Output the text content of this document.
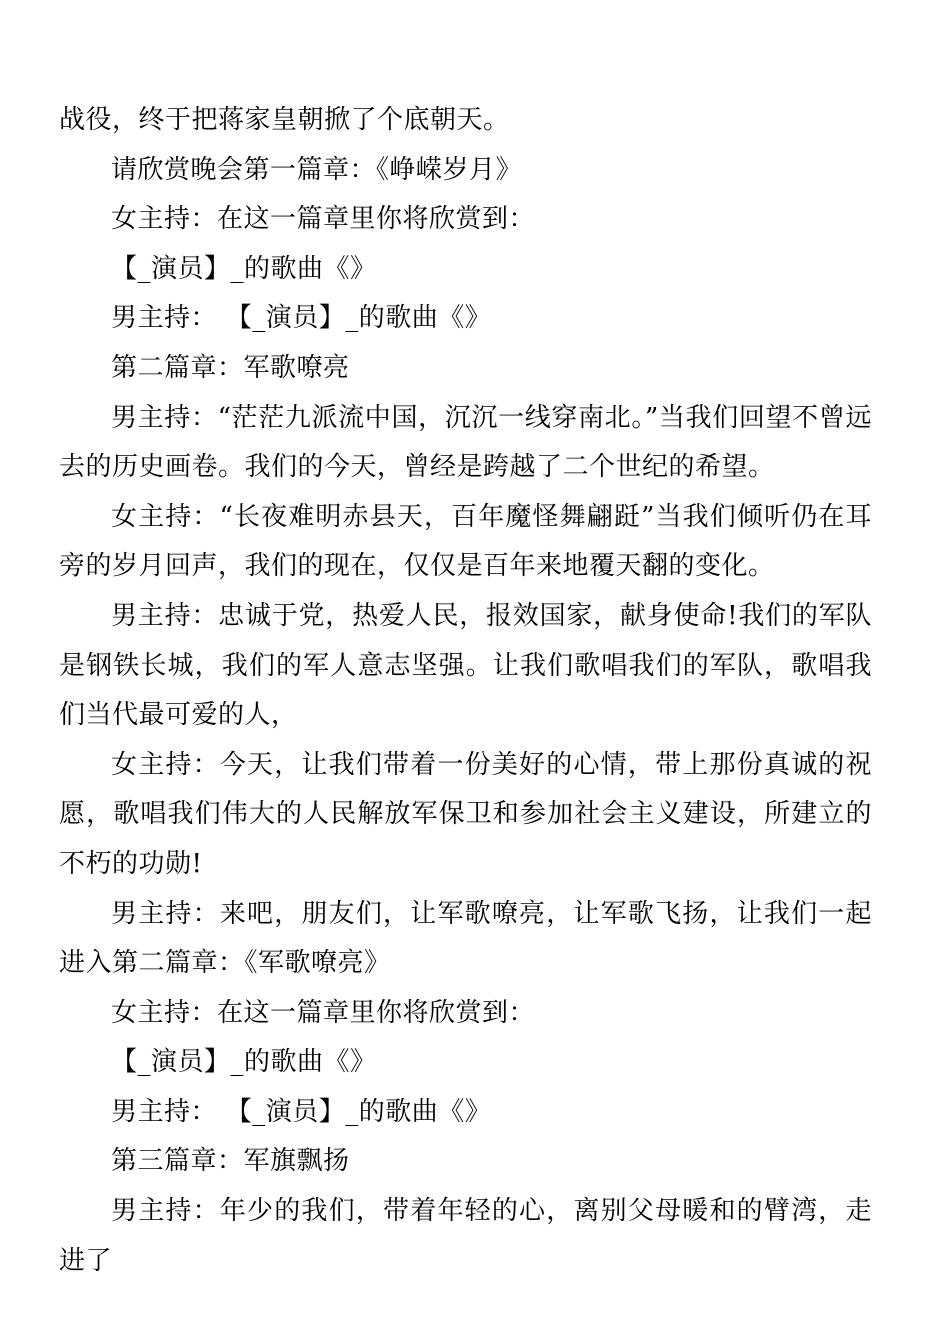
战役，终于把蒋家皇朝掀了个底朝天。

请欣赏晚会第一篇章：《峥嵘岁月》

女主持：在这一篇章里你将欣赏到：

【_演员】_的歌曲《》

男主持： 【_演员】_的歌曲《》

第二篇章：军歌嘹亮

男主持：“茫茫九派流中国，沉沉一线穿南北。”当我们回望不曾远去的历史画卷。我们的今天，曾经是跨越了二个世纪的希望。

女主持：“长夜难明赤县天，百年魔怪舞翩跹”当我们倾听仍在耳旁的岁月回声，我们的现在，仅仅是百年来地覆天翻的变化。

男主持：忠诚于党，热爱人民，报效国家，献身使命!我们的军队是钢铁长城，我们的军人意志坚强。让我们歌唱我们的军队，歌唱我们当代最可爱的人，

女主持：今天，让我们带着一份美好的心情，带上那份真诚的祝愿，歌唱我们伟大的人民解放军保卫和参加社会主义建设，所建立的不朽的功勋!

男主持：来吧，朋友们，让军歌嘹亮，让军歌飞扬，让我们一起进入第二篇章：《军歌嘹亮》

女主持：在这一篇章里你将欣赏到：

【_演员】_的歌曲《》

男主持： 【_演员】_的歌曲《》

第三篇章：军旗飘扬

男主持：年少的我们，带着年轻的心，离别父母暖和的臂湾，走进了
